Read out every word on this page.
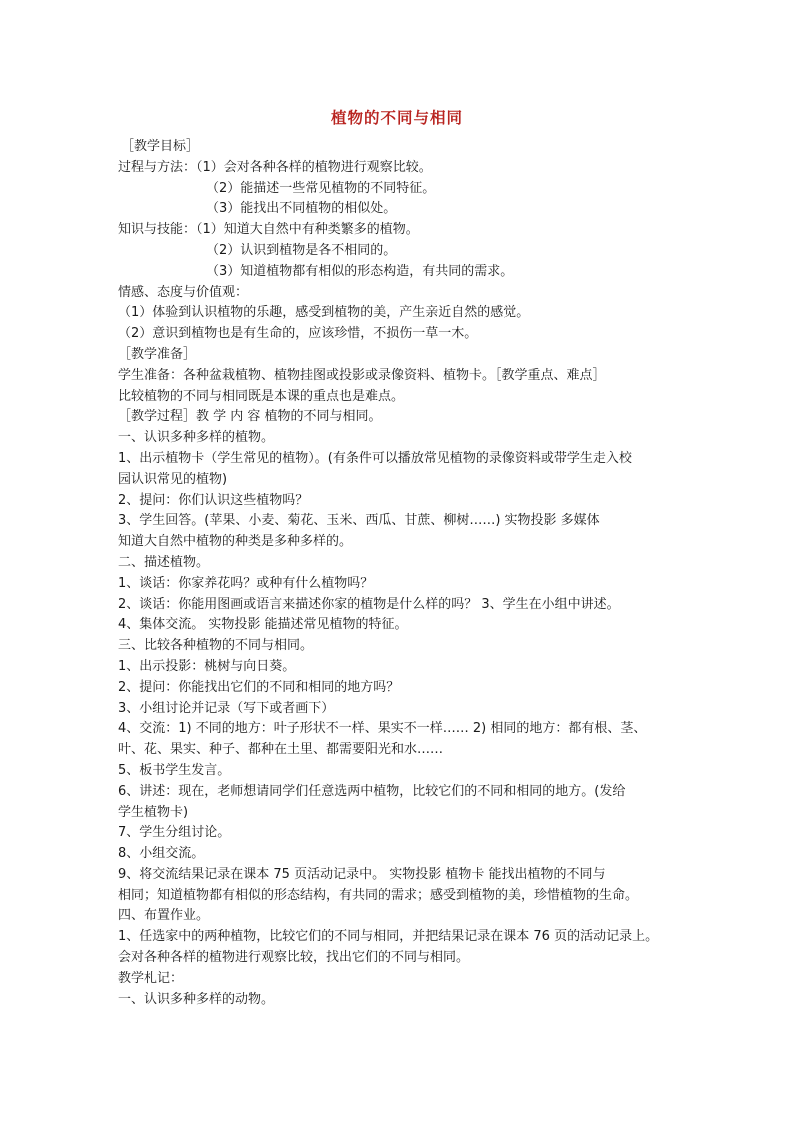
植物的不同与相同
［教学目标］
过程与方法：（1）会对各种各样的植物进行观察比较。
（2）能描述一些常见植物的不同特征。
（3）能找出不同植物的相似处。
知识与技能：（1）知道大自然中有种类繁多的植物。
（2）认识到植物是各不相同的。
（3）知道植物都有相似的形态构造，有共同的需求。
情感、态度与价值观：
（1）体验到认识植物的乐趣，感受到植物的美，产生亲近自然的感觉。
（2）意识到植物也是有生命的，应该珍惜，不损伤一草一木。
［教学准备］
学生准备：各种盆栽植物、植物挂图或投影或录像资料、植物卡。［教学重点、难点］
比较植物的不同与相同既是本课的重点也是难点。
［教学过程］教 学 内 容 植物的不同与相同。
一、认识多种多样的植物。
1、出示植物卡（学生常见的植物）。(有条件可以播放常见植物的录像资料或带学生走入校
园认识常见的植物)
2、提问：你们认识这些植物吗？
3、学生回答。(苹果、小麦、菊花、玉米、西瓜、甘蔗、柳树……) 实物投影 多媒体
知道大自然中植物的种类是多种多样的。
二、描述植物。
1、谈话：你家养花吗？或种有什么植物吗？
2、谈话：你能用图画或语言来描述你家的植物是什么样的吗？ 3、学生在小组中讲述。
4、集体交流。 实物投影 能描述常见植物的特征。
三、比较各种植物的不同与相同。
1、出示投影：桃树与向日葵。
2、提问：你能找出它们的不同和相同的地方吗？
3、小组讨论并记录（写下或者画下）
4、交流：1) 不同的地方：叶子形状不一样、果实不一样…… 2) 相同的地方：都有根、茎、
叶、花、果实、种子、都种在土里、都需要阳光和水……
5、板书学生发言。
6、讲述：现在，老师想请同学们任意选两中植物，比较它们的不同和相同的地方。(发给
学生植物卡)
7、学生分组讨论。
8、小组交流。
9、将交流结果记录在课本 75 页活动记录中。 实物投影 植物卡 能找出植物的不同与
相同；知道植物都有相似的形态结构，有共同的需求；感受到植物的美，珍惜植物的生命。
四、布置作业。
1、任选家中的两种植物，比较它们的不同与相同，并把结果记录在课本 76 页的活动记录上。
会对各种各样的植物进行观察比较，找出它们的不同与相同。
教学札记：
一、认识多种多样的动物。
